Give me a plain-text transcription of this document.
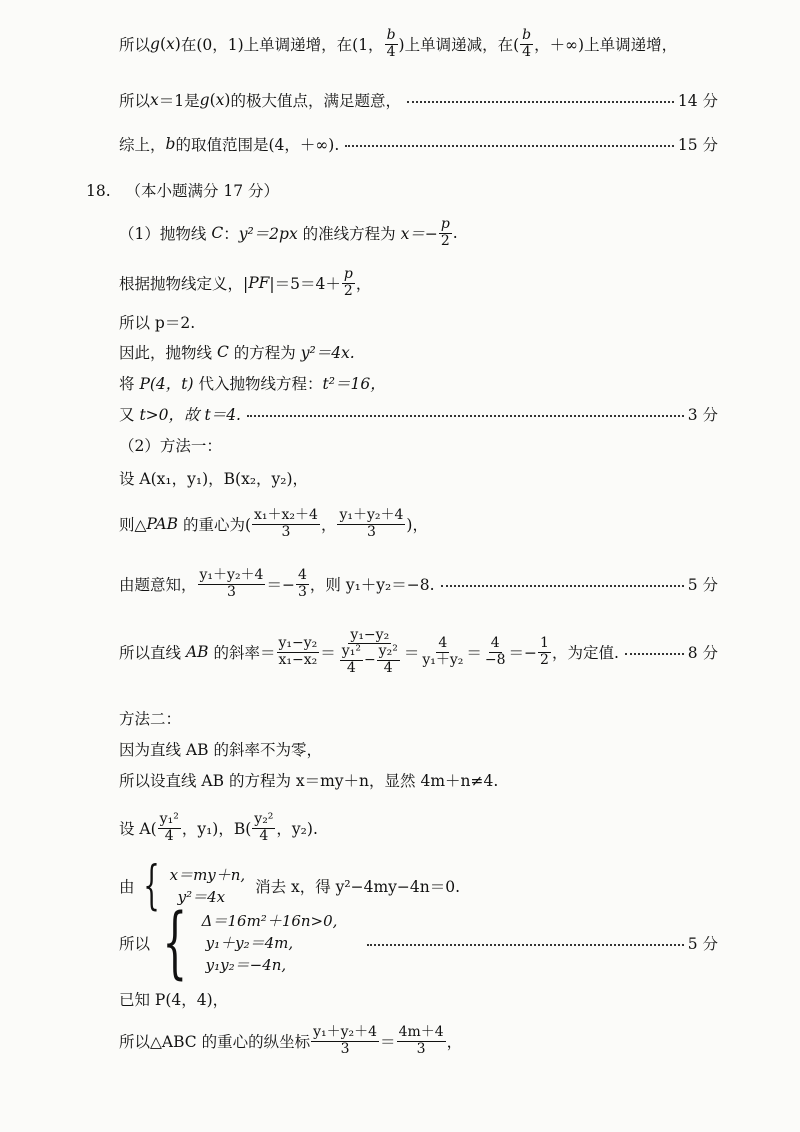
所以 g ( x ) 在(0，1)上单调递增，在(1， $\frac{b}{4}$ )上单调递减，在( $\frac{b}{4}$ ，＋∞)上单调递增，
所以 x ＝1是 g ( x ) 的极大值点，满足题意，	14 分
综上， b 的取值范围是(4，＋∞).	15 分
18. （本小题满分 17 分）
（1）抛物线
C ： y²＝2px
的准线方程为
$x=- \frac{p}{2}$ .
根据抛物线定义，| PF $|=5=4+ \frac{p}{2}$ ，
所以 p＝2.
因此，抛物线
C
的方程为
y²＝4x.
将
P(4，t)
代入抛物线方程： t²＝16，
又
t>0，故
t＝4.	3 分
（2）方法一：
设 A(x₁，y₁)，B(x₂，y₂)，
则△ PAB
的重心为( $\frac{\text{x₁＋x₂＋4}}{3}$ ， $\frac{\text{y₁＋y₂＋4}}{3}$ )，
由题意知， $\frac{\text{y₁＋y₂＋4}}{3} =- \frac{4}{3}$ ，则 y₁＋y₂＝−8.	5 分
所以直线
AB
的斜率＝ $\frac{\text{y₁−y₂}}{\text{x₁−x₂}} = \frac{\text{y₁−y₂}}{\frac{\text{y₁²}}{4} - \frac{\text{y₂²}}{4}} = \frac{4}{\text{y₁＋y₂}} = \frac{4}{-8} =- \frac{1}{2}$ ，为定值.	8 分
方法二：
因为直线 AB 的斜率不为零，
所以设直线 AB 的方程为 x＝my＋n，显然 4m＋n≠4.
设 $A( \frac{\text{y₁²}}{4}$ ，y₁)，$B( \frac{\text{y₂²}}{4}$ ，y₂).
由 { x＝my＋n,
y²＝4x

消去 x，得 y²−4my−4n＝0.
所以 { Δ＝16m²＋16n>0,
y₁＋y₂＝4m,
y₁y₂＝−4n,
5 分
已知 P(4，4)，
所以△ABC 的重心的纵坐标 $\frac{\text{y₁＋y₂＋4}}{3} = \frac{4m+4}{3}$ ，
